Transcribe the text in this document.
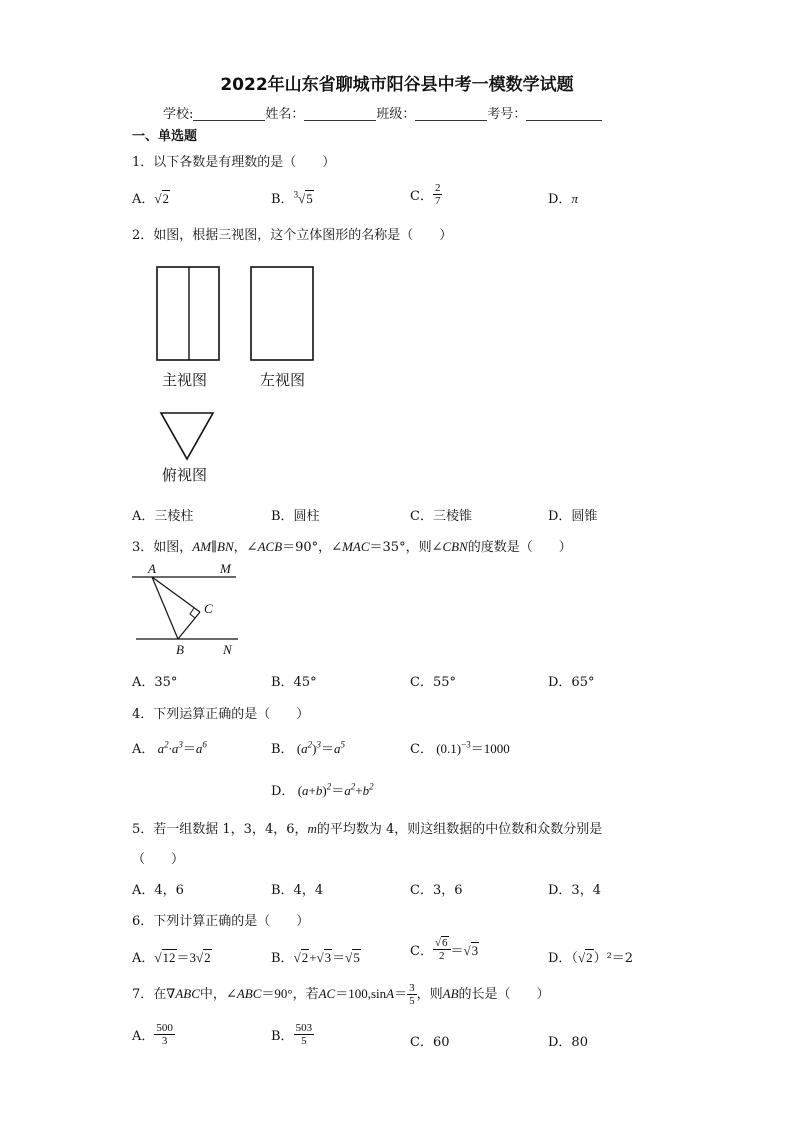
2022年山东省聊城市阳谷县中考一模数学试题
学校:	姓名：	班级：	考号：
一、单选题
1．以下各数是有理数的是（　　）
A．√2	B．$^3$√5	C． $\frac{2}{7}$	D．π
2．如图，根据三视图，这个立体图形的名称是（　　）
主视图	左视图
俯视图
A．三棱柱	B．圆柱	C．三棱锥	D．圆锥
3．如图，AM∥BN，∠ACB＝90°，∠MAC＝35°，则∠CBN的度数是（　　）
A	M
C
B	N
A．35°	B．45°	C．55°	D．65°
4．下列运算正确的是（　　）
A． $a^2\cdot a^3=a^6$	B． $(a^2)^3=a^5$	C． $(0.1)^{-3}=1000$
D． $(a+b)^2=a^2+b^2$
5．若一组数据 1，3，4，6，m的平均数为 4，则这组数据的中位数和众数分别是
（　　）
A．4，6	B．4，4	C．3，6	D．3，4
6．下列计算正确的是（　　）
A．√12＝3√2	B．√2+√3＝√5	C． $\frac{√6}{2} =√3$
D．（√2）²＝2
7．在∇ABC中，∠ABC＝90°，若$AC=100,\sin A= \frac{3}{5}$ ，则AB的长是（　　）
A． $\frac{500}{3}$	B． $\frac{503}{5}$	C．60	D．80
